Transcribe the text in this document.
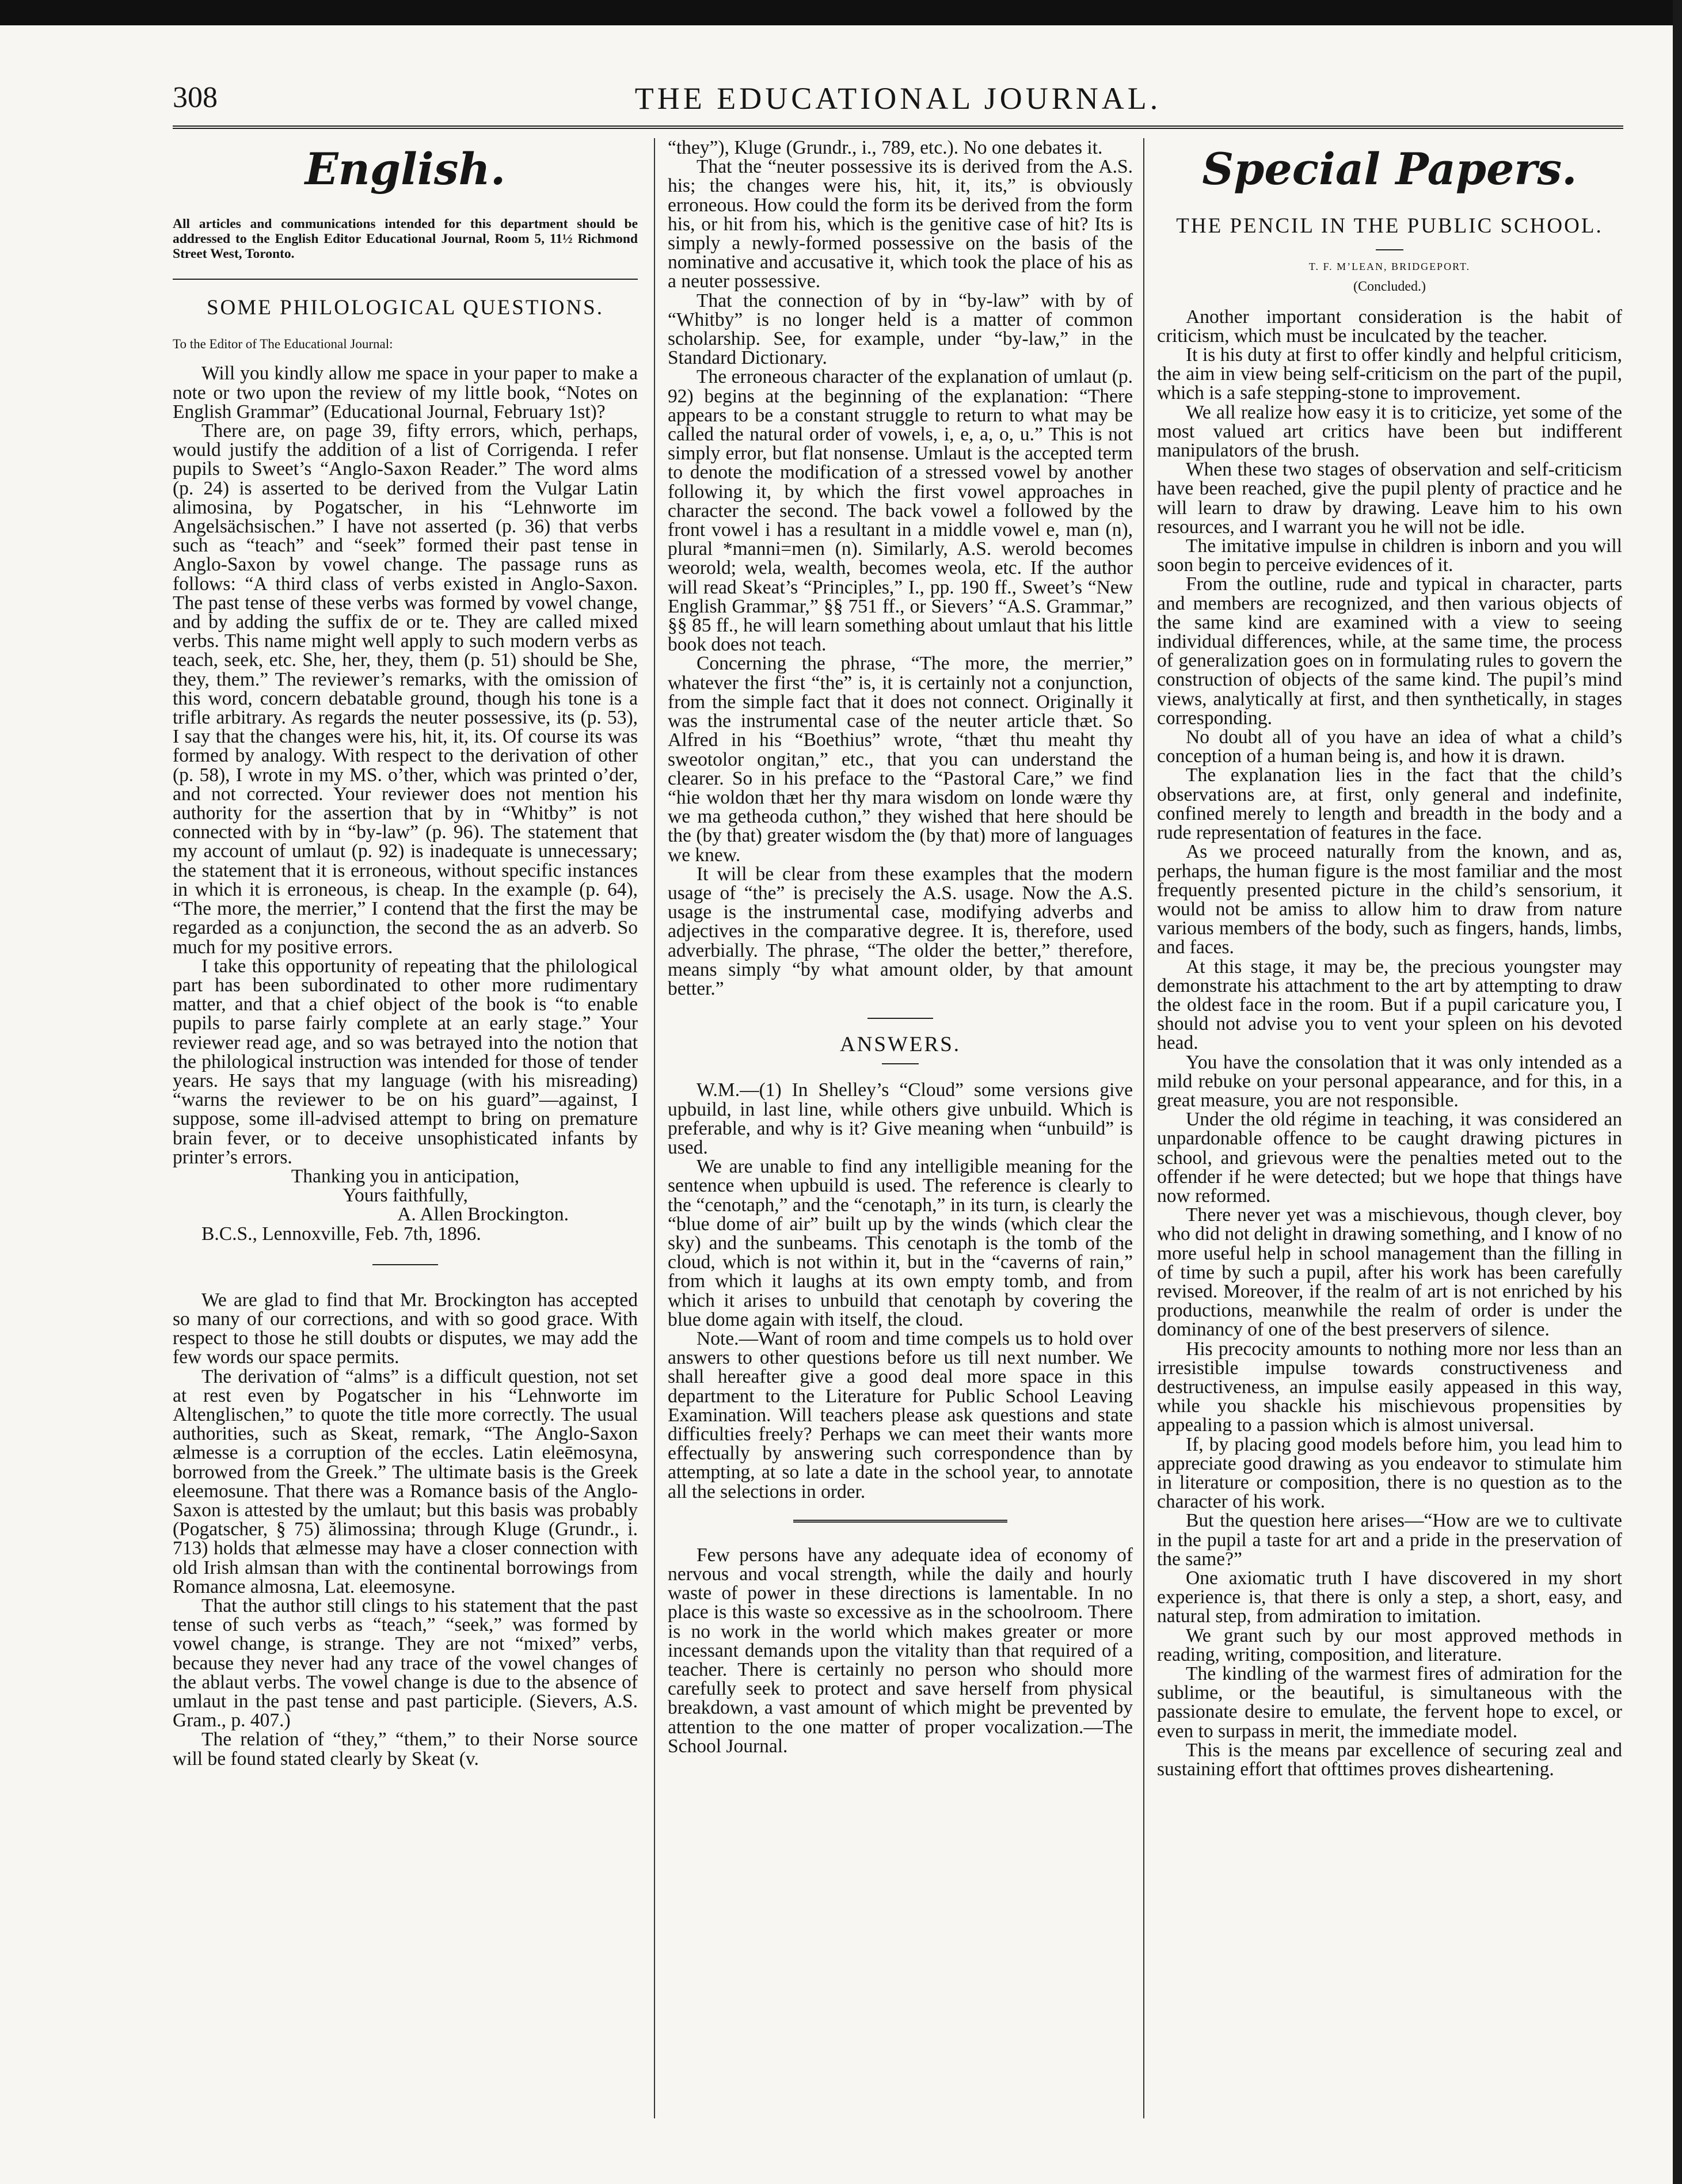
THE EDUCATIONAL JOURNAL.
308
English.
All articles and communications intended for this department should be addressed to the English Editor Educational Journal, Room 5, 11½ Richmond Street West, Toronto.
SOME PHILOLOGICAL QUESTIONS.
To the Editor of The Educational Journal:

Will you kindly allow me space in your paper to make a note or two upon the review of my little book, “Notes on English Grammar” (Educational Journal, February 1st)?

There are, on page 39, fifty errors, which, perhaps, would justify the addition of a list of Corrigenda. I refer pupils to Sweet’s “Anglo-Saxon Reader.” The word alms (p. 24) is asserted to be derived from the Vulgar Latin alimosina, by Pogatscher, in his “Lehnworte im Angelsächsischen.” I have not asserted (p. 36) that verbs such as “teach” and “seek” formed their past tense in Anglo-Saxon by vowel change. The passage runs as follows: “A third class of verbs existed in Anglo-Saxon. The past tense of these verbs was formed by vowel change, and by adding the suffix de or te. They are called mixed verbs. This name might well apply to such modern verbs as teach, seek, etc. She, her, they, them (p. 51) should be She, they, them.” The reviewer’s remarks, with the omission of this word, concern debatable ground, though his tone is a trifle arbitrary. As regards the neuter possessive, its (p. 53), I say that the changes were his, hit, it, its. Of course its was formed by analogy. With respect to the derivation of other (p. 58), I wrote in my MS. o’ther, which was printed o’der, and not corrected. Your reviewer does not mention his authority for the assertion that by in “Whitby” is not connected with by in “by-law” (p. 96). The statement that my account of umlaut (p. 92) is inadequate is unnecessary; the statement that it is erroneous, without specific instances in which it is erroneous, is cheap. In the example (p. 64), “The more, the merrier,” I contend that the first the may be regarded as a conjunction, the second the as an adverb. So much for my positive errors.

I take this opportunity of repeating that the philological part has been subordinated to other more rudimentary matter, and that a chief object of the book is “to enable pupils to parse fairly complete at an early stage.” Your reviewer read age, and so was betrayed into the notion that the philological instruction was intended for those of tender years. He says that my language (with his misreading) “warns the reviewer to be on his guard”—against, I suppose, some ill-advised attempt to bring on premature brain fever, or to deceive unsophisticated infants by printer’s errors.

Thanking you in anticipation,

Yours faithfully,

A. Allen Brockington.

B.C.S., Lennoxville, Feb. 7th, 1896.

We are glad to find that Mr. Brockington has accepted so many of our corrections, and with so good grace. With respect to those he still doubts or disputes, we may add the few words our space permits.

The derivation of “alms” is a difficult question, not set at rest even by Pogatscher in his “Lehnworte im Altenglischen,” to quote the title more correctly. The usual authorities, such as Skeat, remark, “The Anglo-Saxon ælmesse is a corruption of the eccles. Latin eleēmosyna, borrowed from the Greek.” The ultimate basis is the Greek eleemosune. That there was a Romance basis of the Anglo-Saxon is attested by the umlaut; but this basis was probably (Pogatscher, § 75) ălimossina; through Kluge (Grundr., i. 713) holds that ælmesse may have a closer connection with old Irish almsan than with the continental borrowings from Romance almosna, Lat. eleemosyne.

That the author still clings to his statement that the past tense of such verbs as “teach,” “seek,” was formed by vowel change, is strange. They are not “mixed” verbs, because they never had any trace of the vowel changes of the ablaut verbs. The vowel change is due to the absence of umlaut in the past tense and past participle. (Sievers, A.S. Gram., p. 407.)

The relation of “they,” “them,” to their Norse source will be found stated clearly by Skeat (v.

“they”), Kluge (Grundr., i., 789, etc.). No one debates it.

That the “neuter possessive its is derived from the A.S. his; the changes were his, hit, it, its,” is obviously erroneous. How could the form its be derived from the form his, or hit from his, which is the genitive case of hit? Its is simply a newly-formed possessive on the basis of the nominative and accusative it, which took the place of his as a neuter possessive.

That the connection of by in “by-law” with by of “Whitby” is no longer held is a matter of common scholarship. See, for example, under “by-law,” in the Standard Dictionary.

The erroneous character of the explanation of umlaut (p. 92) begins at the beginning of the explanation: “There appears to be a constant struggle to return to what may be called the natural order of vowels, i, e, a, o, u.” This is not simply error, but flat nonsense. Umlaut is the accepted term to denote the modification of a stressed vowel by another following it, by which the first vowel approaches in character the second. The back vowel a followed by the front vowel i has a resultant in a middle vowel e, man (n), plural *manni=men (n). Similarly, A.S. werold becomes weorold; wela, wealth, becomes weola, etc. If the author will read Skeat’s “Principles,” I., pp. 190 ff., Sweet’s “New English Grammar,” §§ 751 ff., or Sievers’ “A.S. Grammar,” §§ 85 ff., he will learn something about umlaut that his little book does not teach.

Concerning the phrase, “The more, the merrier,” whatever the first “the” is, it is certainly not a conjunction, from the simple fact that it does not connect. Originally it was the instrumental case of the neuter article thæt. So Alfred in his “Boethius” wrote, “thæt thu meaht thy sweotolor ongitan,” etc., that you can understand the clearer. So in his preface to the “Pastoral Care,” we find “hie woldon thæt her thy mara wisdom on londe wære thy we ma getheoda cuthon,” they wished that here should be the (by that) greater wisdom the (by that) more of languages we knew.

It will be clear from these examples that the modern usage of “the” is precisely the A.S. usage. Now the A.S. usage is the instrumental case, modifying adverbs and adjectives in the comparative degree. It is, therefore, used adverbially. The phrase, “The older the better,” therefore, means simply “by what amount older, by that amount better.”

ANSWERS.

W.M.—(1) In Shelley’s “Cloud” some versions give upbuild, in last line, while others give unbuild. Which is preferable, and why is it? Give meaning when “unbuild” is used.

We are unable to find any intelligible meaning for the sentence when upbuild is used. The reference is clearly to the “cenotaph,” and the “cenotaph,” in its turn, is clearly the “blue dome of air” built up by the winds (which clear the sky) and the sunbeams. This cenotaph is the tomb of the cloud, which is not within it, but in the “caverns of rain,” from which it laughs at its own empty tomb, and from which it arises to unbuild that cenotaph by covering the blue dome again with itself, the cloud.

Note.—Want of room and time compels us to hold over answers to other questions before us till next number. We shall hereafter give a good deal more space in this department to the Literature for Public School Leaving Examination. Will teachers please ask questions and state difficulties freely? Perhaps we can meet their wants more effectually by answering such correspondence than by attempting, at so late a date in the school year, to annotate all the selections in order.

Few persons have any adequate idea of economy of nervous and vocal strength, while the daily and hourly waste of power in these directions is lamentable. In no place is this waste so excessive as in the schoolroom. There is no work in the world which makes greater or more incessant demands upon the vitality than that required of a teacher. There is certainly no person who should more carefully seek to protect and save herself from physical breakdown, a vast amount of which might be prevented by attention to the one matter of proper vocalization.—The School Journal.

Special Papers.
THE PENCIL IN THE PUBLIC SCHOOL.
T. F. M’LEAN, BRIDGEPORT.
(Concluded.)

Another important consideration is the habit of criticism, which must be inculcated by the teacher.

It is his duty at first to offer kindly and helpful criticism, the aim in view being self-criticism on the part of the pupil, which is a safe stepping-stone to improvement.

We all realize how easy it is to criticize, yet some of the most valued art critics have been but indifferent manipulators of the brush.

When these two stages of observation and self-criticism have been reached, give the pupil plenty of practice and he will learn to draw by drawing. Leave him to his own resources, and I warrant you he will not be idle.

The imitative impulse in children is inborn and you will soon begin to perceive evidences of it.

From the outline, rude and typical in character, parts and members are recognized, and then various objects of the same kind are examined with a view to seeing individual differences, while, at the same time, the process of generalization goes on in formulating rules to govern the construction of objects of the same kind. The pupil’s mind views, analytically at first, and then synthetically, in stages corresponding.

No doubt all of you have an idea of what a child’s conception of a human being is, and how it is drawn.

The explanation lies in the fact that the child’s observations are, at first, only general and indefinite, confined merely to length and breadth in the body and a rude representation of features in the face.

As we proceed naturally from the known, and as, perhaps, the human figure is the most familiar and the most frequently presented picture in the child’s sensorium, it would not be amiss to allow him to draw from nature various members of the body, such as fingers, hands, limbs, and faces.

At this stage, it may be, the precious youngster may demonstrate his attachment to the art by attempting to draw the oldest face in the room. But if a pupil caricature you, I should not advise you to vent your spleen on his devoted head.

You have the consolation that it was only intended as a mild rebuke on your personal appearance, and for this, in a great measure, you are not responsible.

Under the old régime in teaching, it was considered an unpardonable offence to be caught drawing pictures in school, and grievous were the penalties meted out to the offender if he were detected; but we hope that things have now reformed.

There never yet was a mischievous, though clever, boy who did not delight in drawing something, and I know of no more useful help in school management than the filling in of time by such a pupil, after his work has been carefully revised. Moreover, if the realm of art is not enriched by his productions, meanwhile the realm of order is under the dominancy of one of the best preservers of silence.

His precocity amounts to nothing more nor less than an irresistible impulse towards constructiveness and destructiveness, an impulse easily appeased in this way, while you shackle his mischievous propensities by appealing to a passion which is almost universal.

If, by placing good models before him, you lead him to appreciate good drawing as you endeavor to stimulate him in literature or composition, there is no question as to the character of his work.

But the question here arises—“How are we to cultivate in the pupil a taste for art and a pride in the preservation of the same?”

One axiomatic truth I have discovered in my short experience is, that there is only a step, a short, easy, and natural step, from admiration to imitation.

We grant such by our most approved methods in reading, writing, composition, and literature.

The kindling of the warmest fires of admiration for the sublime, or the beautiful, is simultaneous with the passionate desire to emulate, the fervent hope to excel, or even to surpass in merit, the immediate model.

This is the means par excellence of securing zeal and sustaining effort that ofttimes proves disheartening.
